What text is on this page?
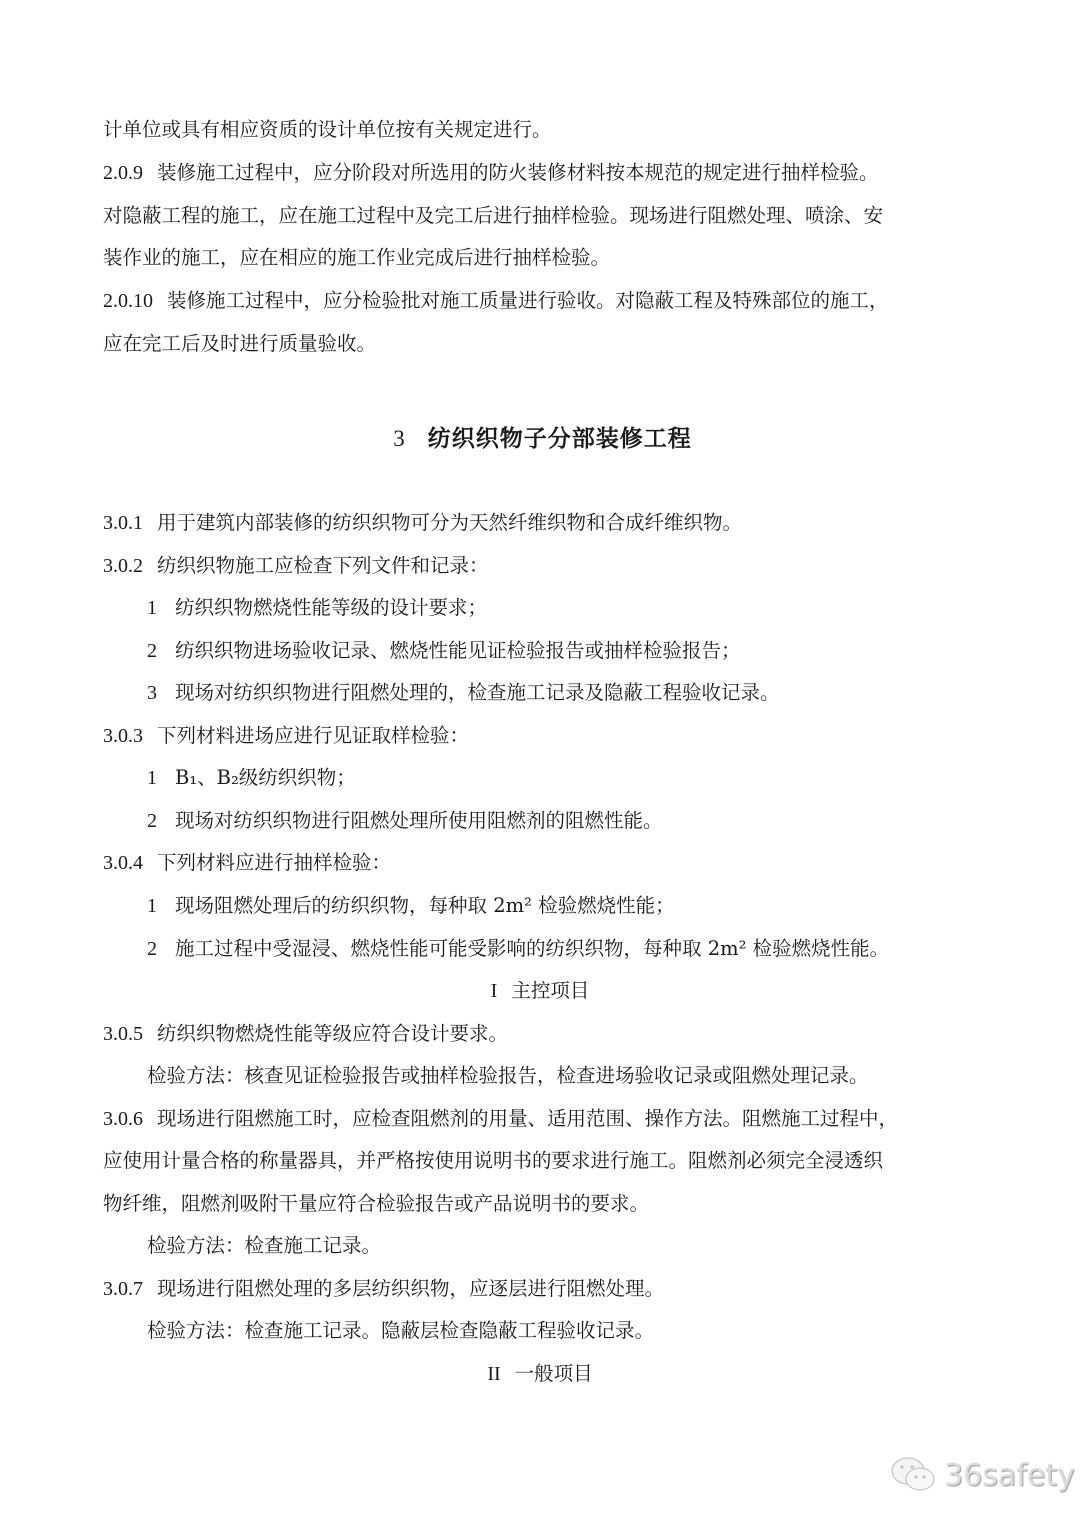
计单位或具有相应资质的设计单位按有关规定进行。
2.0.9 装修施工过程中，应分阶段对所选用的防火装修材料按本规范的规定进行抽样检验。
对隐蔽工程的施工，应在施工过程中及完工后进行抽样检验。现场进行阻燃处理、喷涂、安
装作业的施工，应在相应的施工作业完成后进行抽样检验。
2.0.10 装修施工过程中，应分检验批对施工质量进行验收。对隐蔽工程及特殊部位的施工，
应在完工后及时进行质量验收。
3.0.1 用于建筑内部装修的纺织织物可分为天然纤维织物和合成纤维织物。
3.0.2 纺织织物施工应检查下列文件和记录：
1 纺织织物燃烧性能等级的设计要求；
2 纺织织物进场验收记录、燃烧性能见证检验报告或抽样检验报告；
3 现场对纺织织物进行阻燃处理的，检查施工记录及隐蔽工程验收记录。
3.0.3 下列材料进场应进行见证取样检验：
1 B₁、B₂级纺织织物；
2 现场对纺织织物进行阻燃处理所使用阻燃剂的阻燃性能。
3.0.4 下列材料应进行抽样检验：
1 现场阻燃处理后的纺织织物，每种取 2m² 检验燃烧性能；
2 施工过程中受湿浸、燃烧性能可能受影响的纺织织物，每种取 2m² 检验燃烧性能。
I 主控项目
3.0.5 纺织织物燃烧性能等级应符合设计要求。
检验方法：核查见证检验报告或抽样检验报告，检查进场验收记录或阻燃处理记录。
3.0.6 现场进行阻燃施工时，应检查阻燃剂的用量、适用范围、操作方法。阻燃施工过程中，
应使用计量合格的称量器具，并严格按使用说明书的要求进行施工。阻燃剂必须完全浸透织
物纤维，阻燃剂吸附干量应符合检验报告或产品说明书的要求。
检验方法：检查施工记录。
3.0.7 现场进行阻燃处理的多层纺织织物，应逐层进行阻燃处理。
检验方法：检查施工记录。隐蔽层检查隐蔽工程验收记录。
II 一般项目
3 纺织织物子分部装修工程
36safety
